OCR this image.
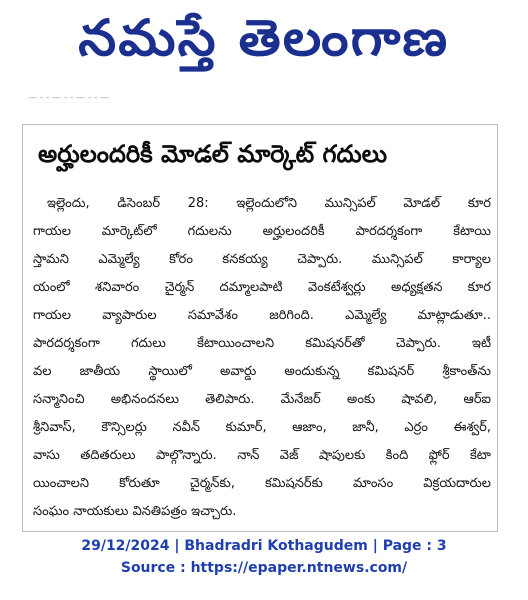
నమస్తే తెలంగాణ
— ‑ ‑ — ‑ ‑ — ‑ ‑ —
అర్హులందరికీ మోడల్ మార్కెట్ గదులు
ఇల్లెందు, డిసెంబర్ 28: ఇల్లెందులోని మున్సిపల్ మోడల్ కూర
గాయల మార్కెట్‌లో గదులను అర్హులందరికీ పారదర్శకంగా కేటాయి
స్తామని ఎమ్మెల్యే కోరం కనకయ్య చెప్పారు. మున్సిపల్ కార్యాల
యంలో శనివారం చైర్మన్ దమ్మాలపాటి వెంకటేశ్వర్లు అధ్యక్షతన కూర
గాయల వ్యాపారుల సమావేశం జరిగింది. ఎమ్మెల్యే మాట్లాడుతూ..
పారదర్శకంగా గదులు కేటాయించాలని కమిషనర్‌తో చెప్పారు. ఇటీ
వల జాతీయ స్థాయిలో అవార్డు అందుకున్న కమిషనర్ శ్రీకాంత్‌ను
సన్మానించి అభినందనలు తెలిపారు. మేనేజర్ అంకు షావలి, ఆర్‌ఐ
శ్రీనివాస్, కౌన్సిలర్లు నవీన్ కుమార్, ఆజాం, జానీ, ఎర్రం ఈశ్వర్,
వాసు తదితరులు పాల్గొన్నారు. నాన్ వెజ్ షాపులకు కింది ఫ్లోర్ కేటా
యించాలని కోరుతూ చైర్మన్‌కు, కమిషనర్‌కు మాంసం విక్రయదారుల
సంఘం నాయకులు వినతిపత్రం ఇచ్చారు.
29/12/2024 | Bhadradri Kothagudem | Page : 3
Source : https://epaper.ntnews.com/
